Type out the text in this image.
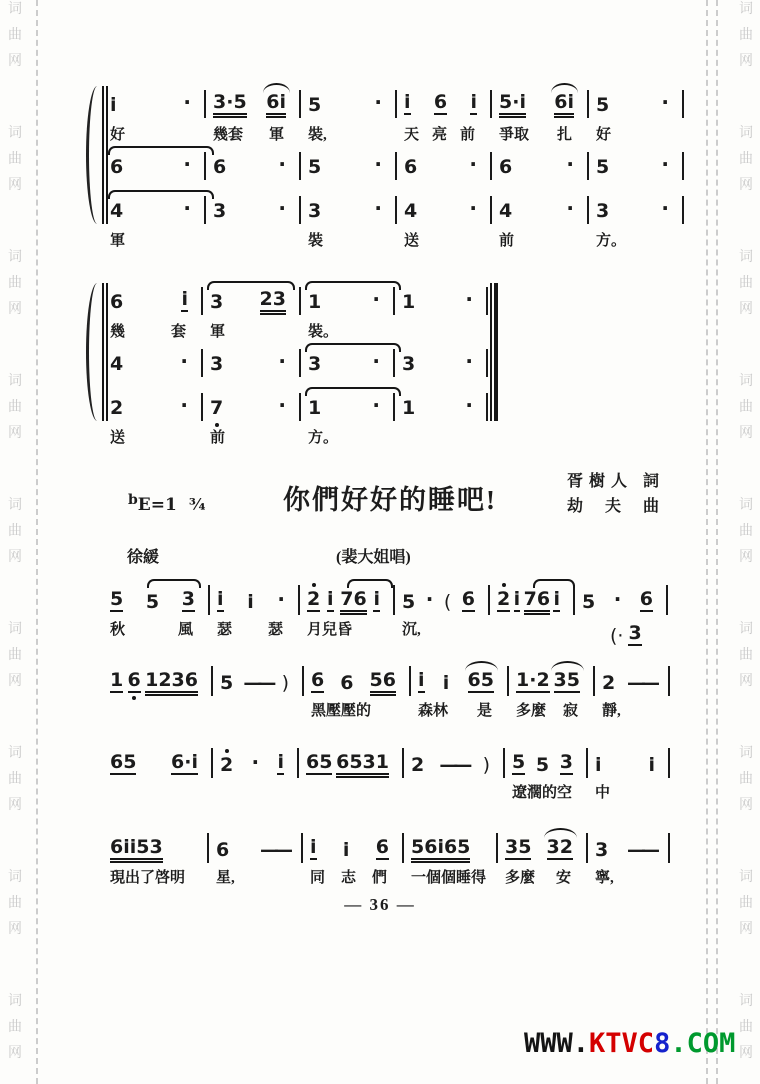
词
曲
网
词
曲
网
词
曲
网
词
曲
网
词
曲
网
词
曲
网
词
曲
网
词
曲
网
词
曲
网
词
曲
网
词
曲
网
词
曲
网
词
曲
网
词
曲
网
词
曲
网
词
曲
网
词
曲
网
词
曲
网
i	· 3·5 6i 5	· i 6 i 5·i 6i 5	·
好	幾套 軍 裝,	天 亮 前 爭取 扎 好
6	· 6	· 5	· 6	· 6	· 5	·
4	· 3	· 3	· 4	· 4	· 3	·
軍	裝	送	前	方。
6	i 3 23 1	· 1	·
幾	套 軍	裝。
4	· 3	· 3	· 3	·
2	· 7	· 1	· 1	·
送	前	方。
$^b$E=1 ¾	你們好好的睡吧!
胥樹人 詞
劫 夫 曲
徐緩	(裴大姐唱)
5 5 3 i i · 2 i 76 i 5 · ( 6 2 i 76 i 5 · 6
秋	風 瑟 瑟 月兒昏	沉,
1 6 1236 5 —— ) 6 6 56 i i 65 1·2 35 2 ——
黑壓壓的	森林 是 多麼 寂 靜,
65 6·i 2 · i 65 6531 2 —— ) 5 5 3 i i
遼濶的空 中
6ii53	6 —— i i 6 56i65 35 32 3 ——
現出了啓明 星,	同 志 們 一個個睡得 多麼 安 寧,
— 36 —
WWW.KTVC8.COM
(· 3
